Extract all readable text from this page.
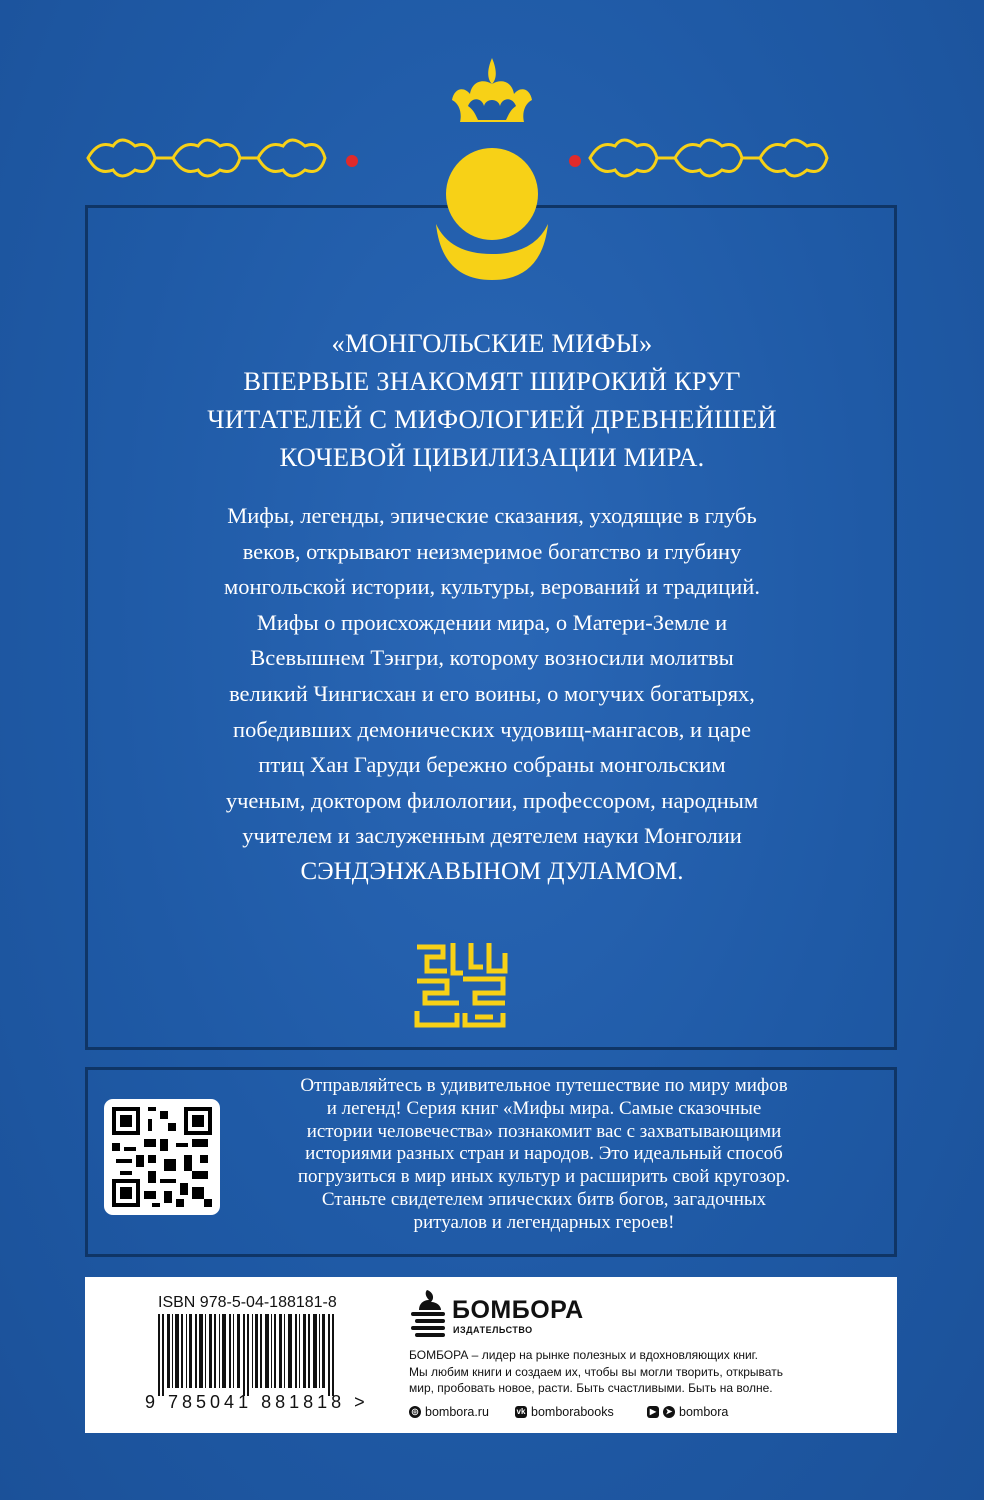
«МОНГОЛЬСКИЕ МИФЫ»
ВПЕРВЫЕ ЗНАКОМЯТ ШИРОКИЙ КРУГ
ЧИТАТЕЛЕЙ С МИФОЛОГИЕЙ ДРЕВНЕЙШЕЙ
КОЧЕВОЙ ЦИВИЛИЗАЦИИ МИРА.

Мифы, легенды, эпические сказания, уходящие в глубь

веков, открывают неизмеримое богатство и глубину

монгольской истории, культуры, верований и традиций.

Мифы о происхождении мира, о Матери-Земле и

Всевышнем Тэнгри, которому возносили молитвы

великий Чингисхан и его воины, о могучих богатырях,

победивших демонических чудовищ-мангасов, и царе

птиц Хан Гаруди бережно собраны монгольским

ученым, доктором филологии, профессором, народным

учителем и заслуженным деятелем науки Монголии

СЭНДЭНЖАВЫНОМ ДУЛАМОМ.

Отправляйтесь в удивительное путешествие по миру мифов
и легенд! Серия книг «Мифы мира. Самые сказочные
истории человечества» познакомит вас с захватывающими
историями разных стран и народов. Это идеальный способ
погрузиться в мир иных культур и расширить свой кругозор.
Станьте свидетелем эпических битв богов, загадочных
ритуалов и легендарных героев!
ISBN 978-5-04-188181-8
9 785041 881818 >
БОМБОРА
ИЗДАТЕЛЬСТВО
БОМБОРА – лидер на рынке полезных и вдохновляющих книг.
Мы любим книги и создаем их, чтобы вы могли творить, открывать
мир, пробовать новое, расти. Быть счастливыми. Быть на волне.
◎ bombora.ru	vk bomborabooks	▶	➤ bombora
